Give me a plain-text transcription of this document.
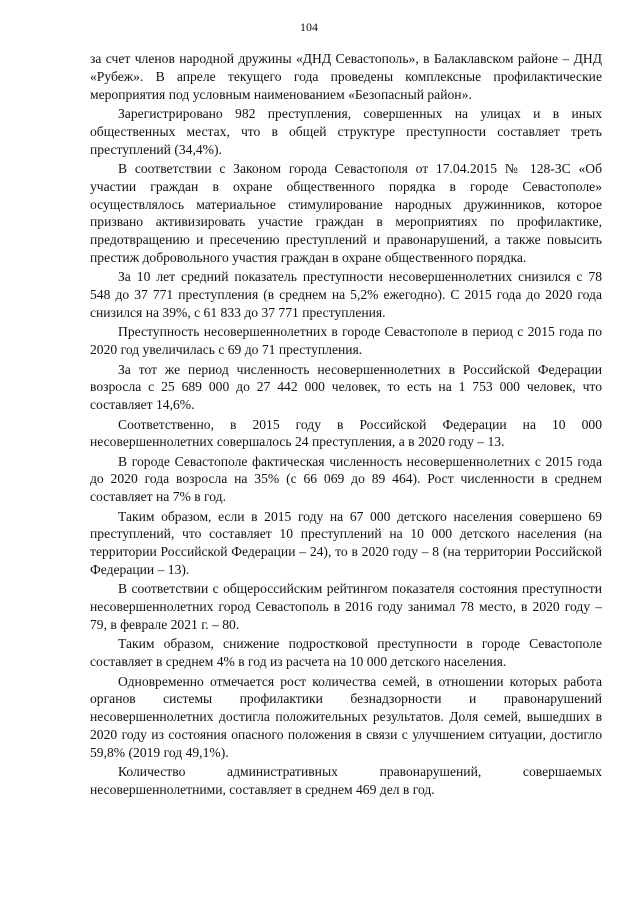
104

за счет членов народной дружины «ДНД Севастополь», в Балаклавском районе – ДНД «Рубеж». В апреле текущего года проведены комплексные профилактические мероприятия под условным наименованием «Безопасный район».

Зарегистрировано 982 преступления, совершенных на улицах и в иных общественных местах, что в общей структуре преступности составляет треть преступлений (34,4%).

В соответствии с Законом города Севастополя от 17.04.2015 № 128-ЗС «Об участии граждан в охране общественного порядка в городе Севастополе» осуществлялось материальное стимулирование народных дружинников, которое призвано активизировать участие граждан в мероприятиях по профилактике, предотвращению и пресечению преступлений и правонарушений, а также повысить престиж добровольного участия граждан в охране общественного порядка.

За 10 лет средний показатель преступности несовершеннолетних снизился с 78 548 до 37 771 преступления (в среднем на 5,2% ежегодно). С 2015 года до 2020 года снизился на 39%, с 61 833 до 37 771 преступления.

Преступность несовершеннолетних в городе Севастополе в период с 2015 года по 2020 год увеличилась с 69 до 71 преступления.

За тот же период численность несовершеннолетних в Российской Федерации возросла с 25 689 000 до 27 442 000 человек, то есть на 1 753 000 человек, что составляет 14,6%.

Соответственно, в 2015 году в Российской Федерации на 10 000 несовершеннолетних совершалось 24 преступления, а в 2020 году – 13.

В городе Севастополе фактическая численность несовершеннолетних с 2015 года до 2020 года возросла на 35% (с 66 069 до 89 464). Рост численности в среднем составляет на 7% в год.

Таким образом, если в 2015 году на 67 000 детского населения совершено 69 преступлений, что составляет 10 преступлений на 10 000 детского населения (на территории Российской Федерации – 24), то в 2020 году – 8 (на территории Российской Федерации – 13).

В соответствии с общероссийским рейтингом показателя состояния преступности несовершеннолетних город Севастополь в 2016 году занимал 78 место, в 2020 году – 79, в феврале 2021 г. – 80.

Таким образом, снижение подростковой преступности в городе Севастополе составляет в среднем 4% в год из расчета на 10 000 детского населения.

Одновременно отмечается рост количества семей, в отношении которых работа органов системы профилактики безнадзорности и правонарушений несовершеннолетних достигла положительных результатов. Доля семей, вышедших в 2020 году из состояния опасного положения в связи с улучшением ситуации, достигло 59,8% (2019 год 49,1%).

Количество административных правонарушений, совершаемых несовершеннолетними, составляет в среднем 469 дел в год.
